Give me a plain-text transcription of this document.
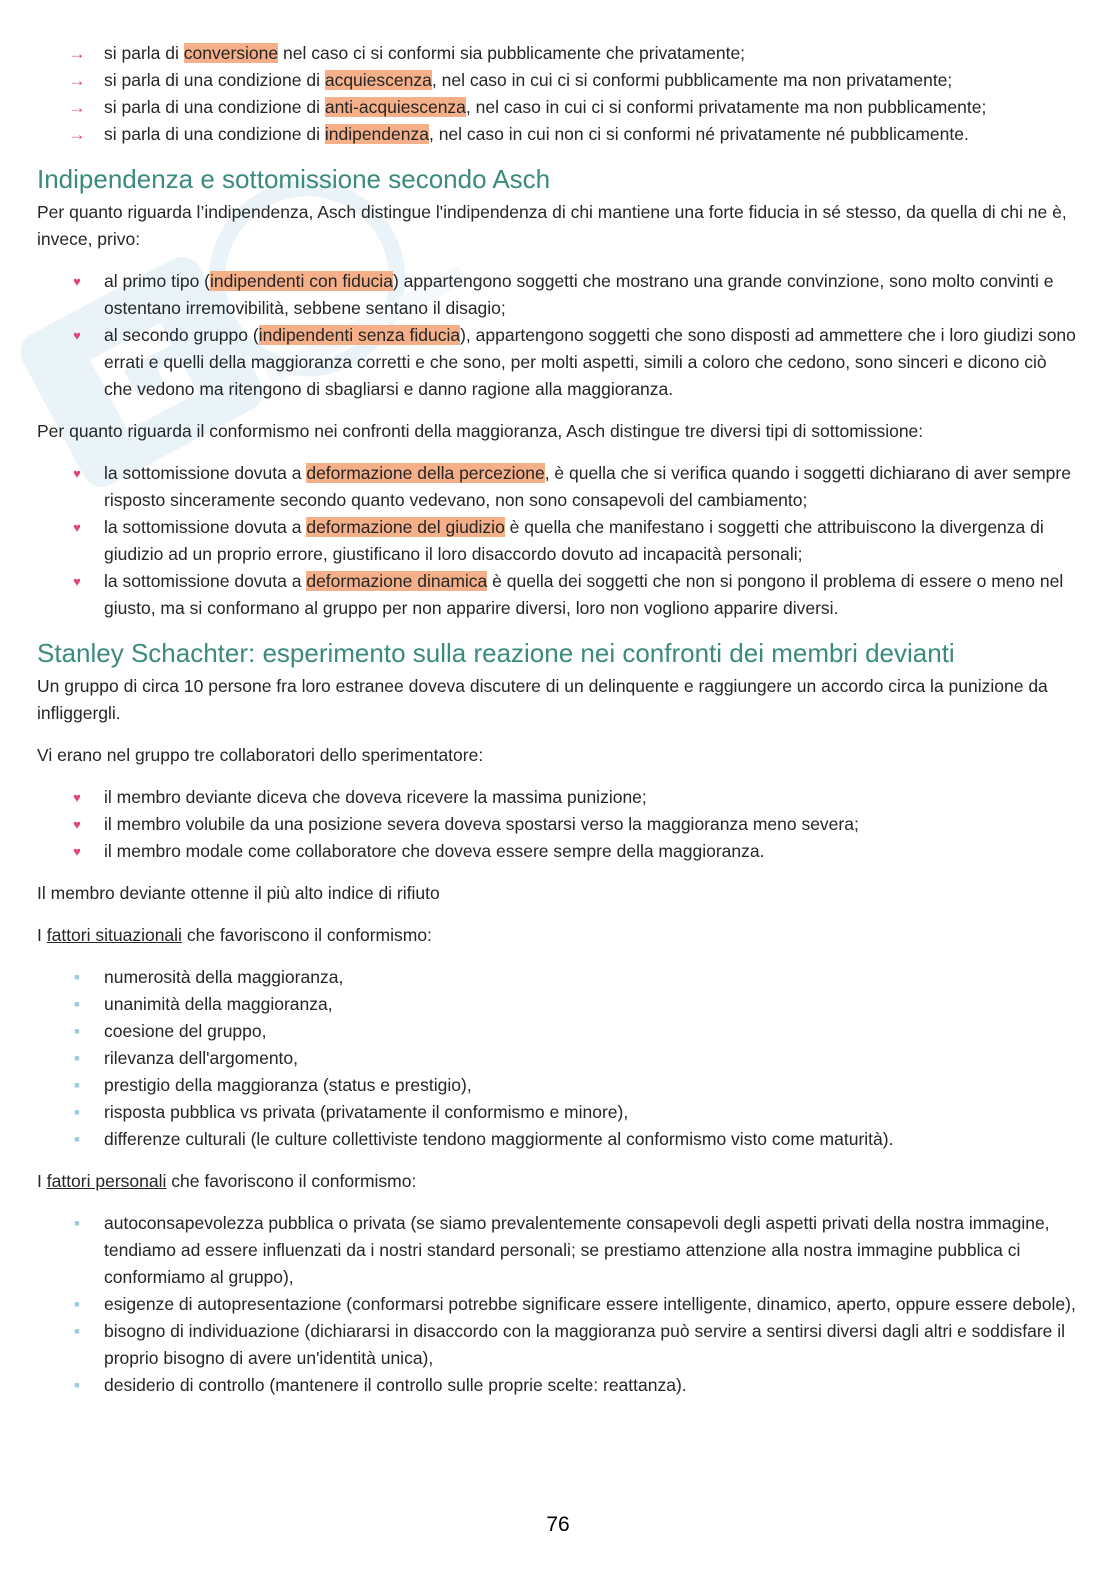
→ si parla di conversione nel caso ci si conformi sia pubblicamente che privatamente;
→ si parla di una condizione di acquiescenza, nel caso in cui ci si conformi pubblicamente ma non privatamente;
→ si parla di una condizione di anti-acquiescenza, nel caso in cui ci si conformi privatamente ma non pubblicamente;
→ si parla di una condizione di indipendenza, nel caso in cui non ci si conformi né privatamente né pubblicamente.
Indipendenza e sottomissione secondo Asch

Per quanto riguarda l’indipendenza, Asch distingue l'indipendenza di chi mantiene una forte fiducia in sé stesso, da quella di chi ne è, invece, privo:

♥	al primo tipo (indipendenti con fiducia) appartengono soggetti che mostrano una grande convinzione, sono molto convinti e ostentano irremovibilità, sebbene sentano il disagio;
♥	al secondo gruppo (indipendenti senza fiducia), appartengono soggetti che sono disposti ad ammettere che i loro giudizi sono errati e quelli della maggioranza corretti e che sono, per molti aspetti, simili a coloro che cedono, sono sinceri e dicono ciò che vedono ma ritengono di sbagliarsi e danno ragione alla maggioranza.

Per quanto riguarda il conformismo nei confronti della maggioranza, Asch distingue tre diversi tipi di sottomissione:

♥	la sottomissione dovuta a deformazione della percezione, è quella che si verifica quando i soggetti dichiarano di aver sempre risposto sinceramente secondo quanto vedevano, non sono consapevoli del cambiamento;
♥	la sottomissione dovuta a deformazione del giudizio è quella che manifestano i soggetti che attribuiscono la divergenza di giudizio ad un proprio errore, giustificano il loro disaccordo dovuto ad incapacità personali;
♥	la sottomissione dovuta a deformazione dinamica è quella dei soggetti che non si pongono il problema di essere o meno nel giusto, ma si conformano al gruppo per non apparire diversi, loro non vogliono apparire diversi.
Stanley Schachter: esperimento sulla reazione nei confronti dei membri devianti

Un gruppo di circa 10 persone fra loro estranee doveva discutere di un delinquente e raggiungere un accordo circa la punizione da infliggergli.

Vi erano nel gruppo tre collaboratori dello sperimentatore:

♥	il membro deviante diceva che doveva ricevere la massima punizione;
♥	il membro volubile da una posizione severa doveva spostarsi verso la maggioranza meno severa;
♥	il membro modale come collaboratore che doveva essere sempre della maggioranza.

Il membro deviante ottenne il più alto indice di rifiuto

I fattori situazionali che favoriscono il conformismo:

■	numerosità della maggioranza,
■	unanimità della maggioranza,
■	coesione del gruppo,
■	rilevanza dell'argomento,
■	prestigio della maggioranza (status e prestigio),
■	risposta pubblica vs privata (privatamente il conformismo e minore),
■	differenze culturali (le culture collettiviste tendono maggiormente al conformismo visto come maturità).

I fattori personali che favoriscono il conformismo:

■	autoconsapevolezza pubblica o privata (se siamo prevalentemente consapevoli degli aspetti privati della nostra immagine, tendiamo ad essere influenzati da i nostri standard personali; se prestiamo attenzione alla nostra immagine pubblica ci conformiamo al gruppo),
■	esigenze di autopresentazione (conformarsi potrebbe significare essere intelligente, dinamico, aperto, oppure essere debole),
■	bisogno di individuazione (dichiararsi in disaccordo con la maggioranza può servire a sentirsi diversi dagli altri e soddisfare il proprio bisogno di avere un'identità unica),
■	desiderio di controllo (mantenere il controllo sulle proprie scelte: reattanza).
76
